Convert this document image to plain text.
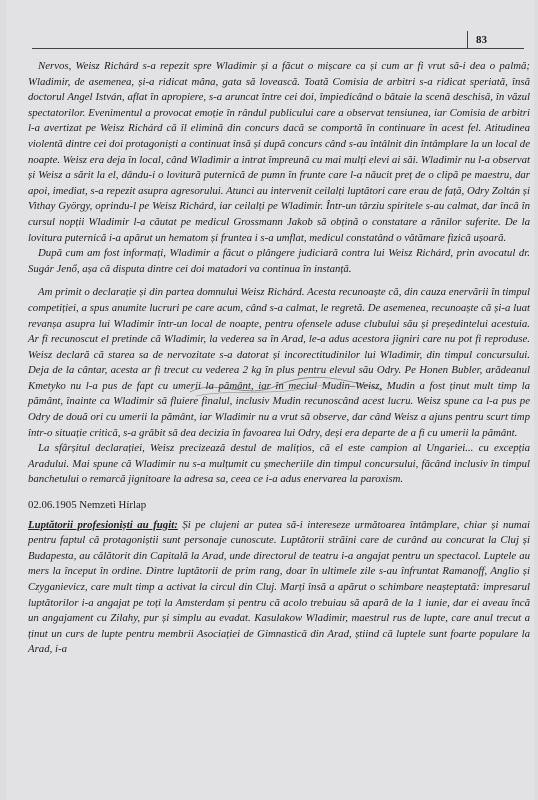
83

Nervos, Weisz Richárd s-a repezit spre Wladimir și a făcut o mișcare ca și cum ar fi vrut să-i dea o palmă; Wladimir, de asemenea, și-a ridicat mâna, gata să lovească. Toată Comisia de arbitri s-a ridicat speriată, însă doctorul Angel István, aflat în apropiere, s-a aruncat între cei doi, împiedicând o bătaie la scenă deschisă, în văzul spectatorilor. Evenimentul a provocat emoție în rândul publicului care a observat tensiunea, iar Comisia de arbitri l-a avertizat pe Weisz Richárd că îl elimină din concurs dacă se comportă în continuare în acest fel. Atitudinea violentă dintre cei doi protagoniști a continuat însă și după concurs când s-au întâlnit din întâmplare la un local de noapte. Weisz era deja în local, când Wladimir a intrat împreună cu mai mulți elevi ai săi. Wladimir nu l-a observat și Weisz a sărit la el, dându-i o lovitură puternică de pumn în frunte care l-a năucit preț de o clipă pe maestru, dar apoi, imediat, s-a repezit asupra agresorului. Atunci au intervenit ceilalți luptători care erau de față, Odry Zoltán și Vithay György, oprindu-l pe Weisz Richárd, iar ceilalți pe Wladimir. Într-un târziu spiritele s-au calmat, dar încă în cursul nopții Wladimir l-a căutat pe medicul Grossmann Jakob să obțină o constatare a rănilor suferite. De la lovitura puternică i-a apărut un hematom și fruntea i s-a umflat, medicul constatând o vătămare fizică ușoară.

După cum am fost informați, Wladimir a făcut o plângere judiciară contra lui Weisz Richárd, prin avocatul dr. Sugár Jenő, așa că disputa dintre cei doi matadori va continua în instanță.

Am primit o declarație și din partea domnului Weisz Richárd. Acesta recunoaște că, din cauza enervării în timpul competiției, a spus anumite lucruri pe care acum, când s-a calmat, le regretă. De asemenea, recunoaște că și-a luat revanșa asupra lui Wladimir într-un local de noapte, pentru ofensele aduse clubului său și președintelui acestuia. Ar fi recunoscut el pretinde că Wladimir, la vederea sa în Arad, le-a adus acestora jigniri care nu pot fi reproduse. Weisz declară că starea sa de nervozitate s-a datorat și incorectitudinilor lui Wladimir, din timpul concursului. Deja de la cântar, acesta ar fi trecut cu vederea 2 kg în plus pentru elevul său Odry. Pe Honen Bubler, arădeanul Kmetyko nu l-a pus de fapt cu umerii la pământ, iar în meciul Mudin–Weisz, Mudin a fost ținut mult timp la pământ, înainte ca Wladimir să fluiere finalul, inclusiv Mudin recunoscând acest lucru. Weisz spune ca l-a pus pe Odry de două ori cu umerii la pământ, iar Wladimir nu a vrut să observe, dar când Weisz a ajuns pentru scurt timp într-o situație critică, s-a grăbit să dea decizia în favoarea lui Odry, deși era departe de a fi cu umerii la pământ.

La sfârșitul declarației, Weisz precizează destul de malițios, că el este campion al Ungariei... cu excepția Aradului. Mai spune că Wladimir nu s-a mulțumit cu șmecheriile din timpul concursului, făcând inclusiv în timpul banchetului o remarcă jignitoare la adresa sa, ceea ce i-a adus enervarea la paroxism.

02.06.1905 Nemzeti Hírlap

Luptătorii profesioniști au fugit: Și pe clujeni ar putea să-i intereseze următoarea întâmplare, chiar și numai pentru faptul că protagoniștii sunt personaje cunoscute. Luptătorii străini care de curând au concurat la Cluj și Budapesta, au călătorit din Capitală la Arad, unde directorul de teatru i-a angajat pentru un spectacol. Luptele au mers la început în ordine. Dintre luptătorii de prim rang, doar în ultimele zile s-au înfruntat Ramanoff, Anglio și Czyganievicz, care mult timp a activat la circul din Cluj. Marți însă a apărut o schimbare neașteptată: impresarul luptătorilor i-a angajat pe toți la Amsterdam și pentru că acolo trebuiau să apară de la 1 iunie, dar ei aveau încă un angajament cu Zilahy, pur și simplu au evadat. Kasulakow Wladimir, maestrul rus de lupte, care anul trecut a ținut un curs de lupte pentru membrii Asociației de Gimnastică din Arad, știind că luptele sunt foarte populare la Arad, i-a
